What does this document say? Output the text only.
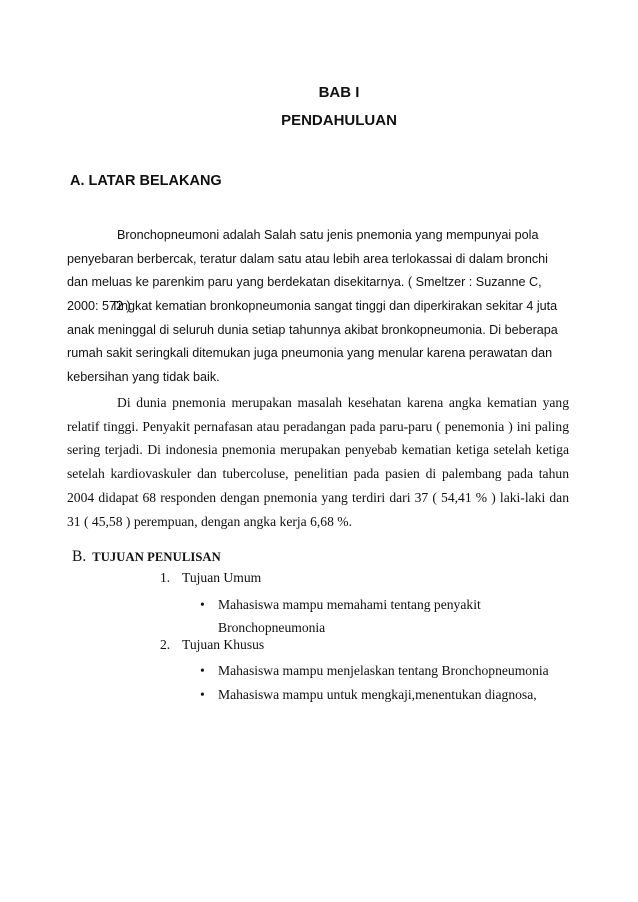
BAB I
PENDAHULUAN
A. LATAR BELAKANG

Bronchopneumoni adalah Salah satu jenis pnemonia yang mempunyai pola penyebaran berbercak, teratur dalam satu atau lebih area terlokassai di dalam bronchi dan meluas ke parenkim paru yang berdekatan disekitarnya. ( Smeltzer : Suzanne C, 2000: 572 )

Tingkat kematian bronkopneumonia sangat tinggi dan diperkirakan sekitar 4 juta anak meninggal di seluruh dunia setiap tahunnya akibat bronkopneumonia. Di beberapa rumah sakit seringkali ditemukan juga pneumonia yang menular karena perawatan dan kebersihan yang tidak baik.

Di dunia pnemonia merupakan masalah kesehatan karena angka kematian yang relatif tinggi. Penyakit pernafasan atau peradangan pada paru-paru ( penemonia ) ini paling sering terjadi. Di indonesia pnemonia merupakan penyebab kematian ketiga setelah ketiga setelah kardiovaskuler dan tubercoluse, penelitian pada pasien di palembang pada tahun 2004 didapat 68 responden dengan pnemonia yang terdiri dari 37 ( 54,41 % ) laki-laki dan 31 ( 45,58 ) perempuan, dengan angka kerja 6,68 %.

B. TUJUAN PENULISAN
1. Tujuan Umum
• Mahasiswa mampu memahami tentang penyakit Bronchopneumonia
2. Tujuan Khusus
• Mahasiswa mampu menjelaskan tentang Bronchopneumonia
• Mahasiswa mampu untuk mengkaji,menentukan diagnosa,
